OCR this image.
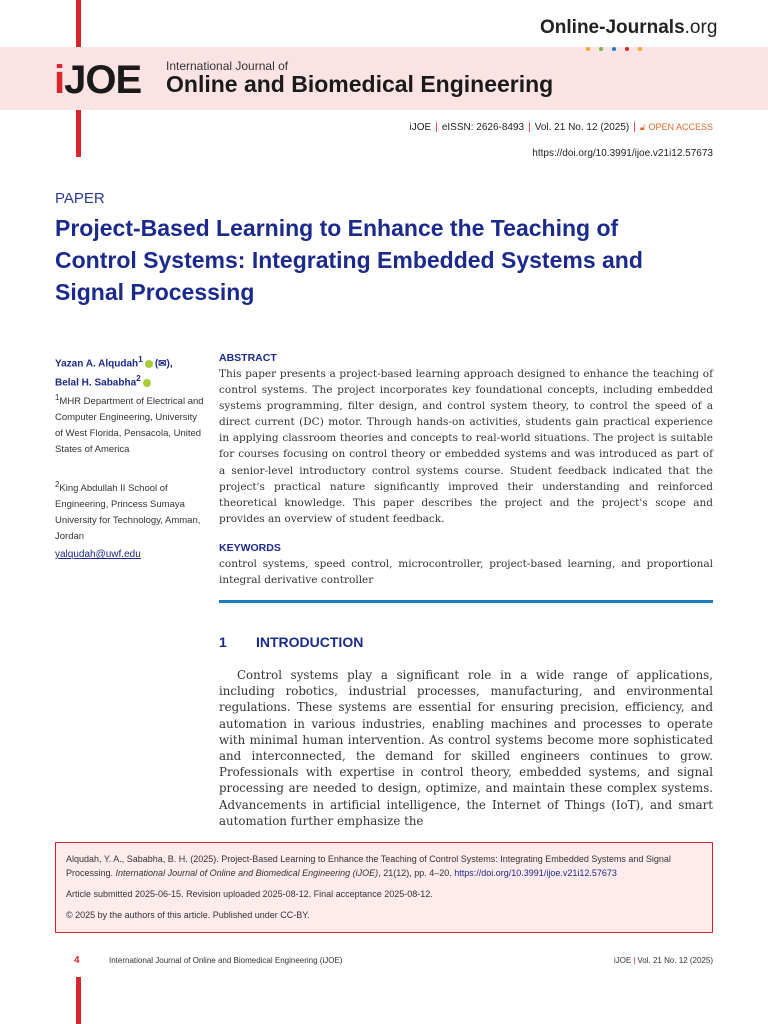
Online-Journals.org
iJOE International Journal of
Online and Biomedical Engineering
iJOE | eISSN: 2626-8493 | Vol. 21 No. 12 (2025) | 🔓︎ OPEN ACCESS
https://doi.org/10.3991/ijoe.v21i12.57673
PAPER
Project-Based Learning to Enhance the Teaching of Control Systems: Integrating Embedded Systems and Signal Processing
Yazan A. Alqudah$^1$ (✉),
Belal H. Sababha$^2$
$^1$MHR Department of Electrical and Computer Engineering, University of West Florida, Pensacola, United States of America
$^2$King Abdullah II School of Engineering, Princess Sumaya University for Technology, Amman, Jordan
yalqudah@uwf.edu
ABSTRACT
This paper presents a project-based learning approach designed to enhance the teaching of control systems. The project incorporates key foundational concepts, including embedded systems programming, filter design, and control system theory, to control the speed of a direct current (DC) motor. Through hands-on activities, students gain practical experience in applying classroom theories and concepts to real-world situations. The project is suitable for courses focusing on control theory or embedded systems and was introduced as part of a senior-level introductory control systems course. Student feedback indicated that the project's practical nature significantly improved their understanding and reinforced theoretical knowledge. This paper describes the project and the project's scope and provides an overview of student feedback.
KEYWORDS
control systems, speed control, microcontroller, project-based learning, and proportional integral derivative controller
1 INTRODUCTION
Control systems play a significant role in a wide range of applications, including robotics, industrial processes, manufacturing, and environmental regulations. These systems are essential for ensuring precision, efficiency, and automation in various industries, enabling machines and processes to operate with minimal human intervention. As control systems become more sophisticated and interconnected, the demand for skilled engineers continues to grow. Professionals with expertise in control theory, embedded systems, and signal processing are needed to design, optimize, and maintain these complex systems. Advancements in artificial intelligence, the Internet of Things (IoT), and smart automation further emphasize the
Alqudah, Y. A., Sababha, B. H. (2025). Project-Based Learning to Enhance the Teaching of Control Systems: Integrating Embedded Systems and Signal Processing. International Journal of Online and Biomedical Engineering (iJOE), 21(12), pp. 4–20. https://doi.org/10.3991/ijoe.v21i12.57673
Article submitted 2025-06-15. Revision uploaded 2025-08-12. Final acceptance 2025-08-12.
© 2025 by the authors of this article. Published under CC-BY.
4	International Journal of Online and Biomedical Engineering (iJOE)	iJOE | Vol. 21 No. 12 (2025)
